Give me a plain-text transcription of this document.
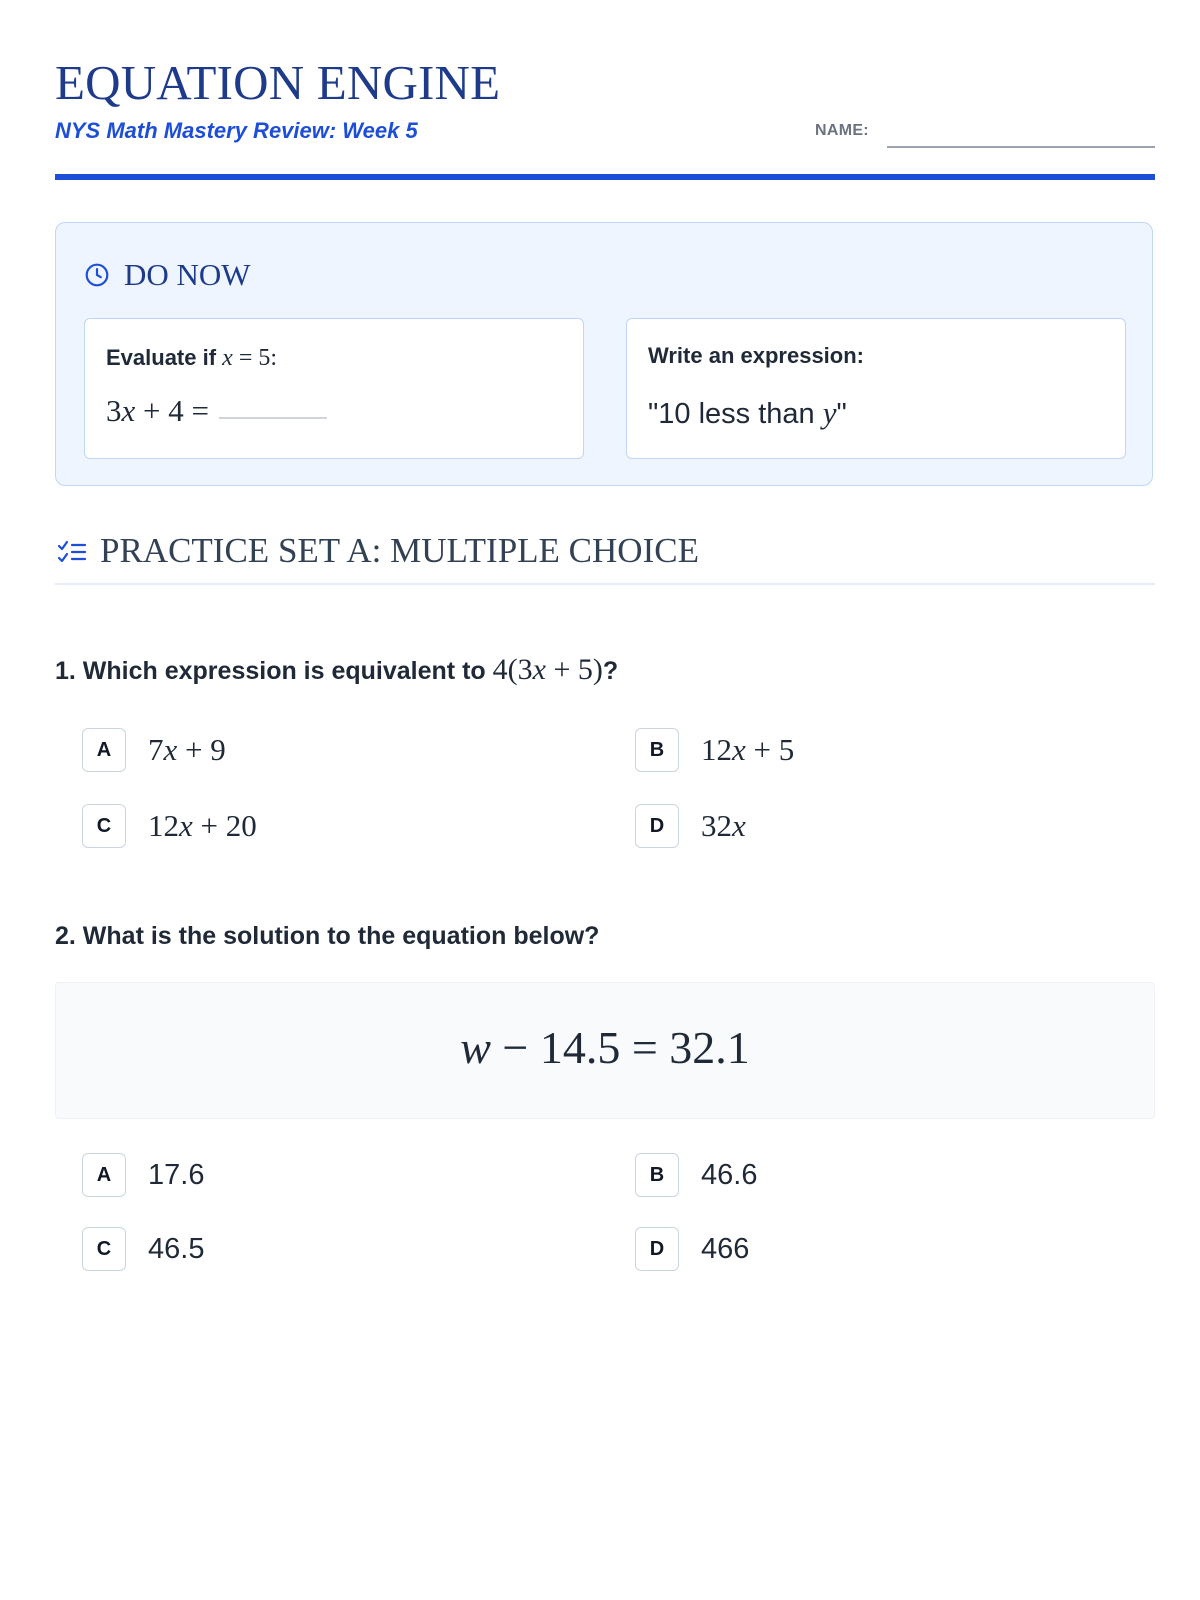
EQUATION ENGINE
NYS Math Mastery Review: Week 5	NAME:
DO NOW
Evaluate if x = 5:
3x + 4 =
Write an expression:
"10 less than y"
PRACTICE SET A: MULTIPLE CHOICE
1. Which expression is equivalent to 4(3x + 5)?
A	7x + 9	B	12x + 5
C	12x + 20	D	32x
2. What is the solution to the equation below?
w − 14.5 = 32.1
A	17.6	B	46.6
C	46.5	D	466
